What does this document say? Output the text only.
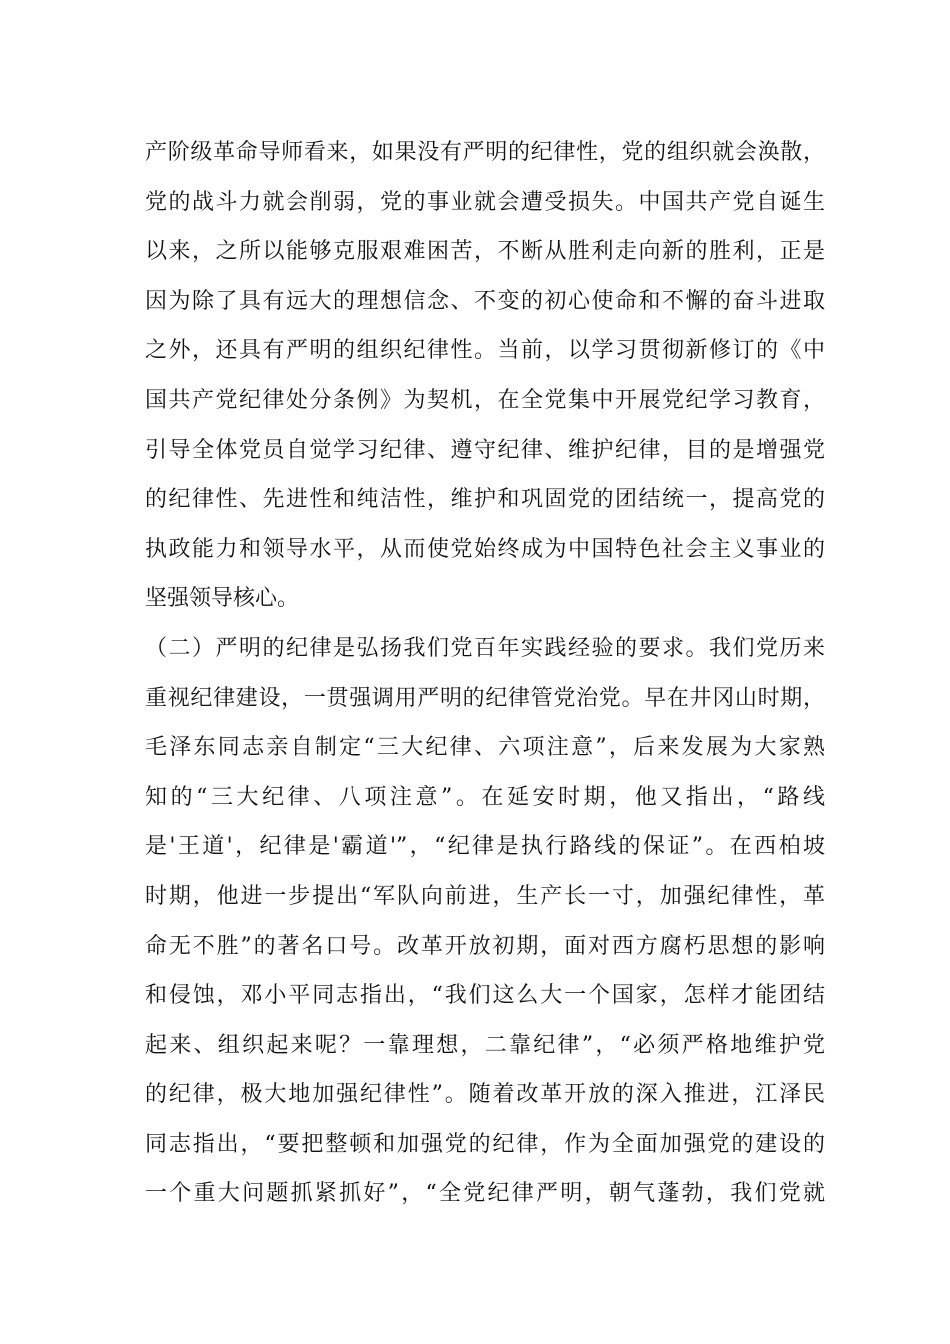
产阶级革命导师看来，如果没有严明的纪律性，党的组织就会涣散，
党的战斗力就会削弱，党的事业就会遭受损失。中国共产党自诞生
以来，之所以能够克服艰难困苦，不断从胜利走向新的胜利，正是
因为除了具有远大的理想信念、不变的初心使命和不懈的奋斗进取
之外，还具有严明的组织纪律性。当前，以学习贯彻新修订的《中
国共产党纪律处分条例》为契机，在全党集中开展党纪学习教育，
引导全体党员自觉学习纪律、遵守纪律、维护纪律，目的是增强党
的纪律性、先进性和纯洁性，维护和巩固党的团结统一，提高党的
执政能力和领导水平，从而使党始终成为中国特色社会主义事业的
坚强领导核心。
（二）严明的纪律是弘扬我们党百年实践经验的要求。我们党历来
重视纪律建设，一贯强调用严明的纪律管党治党。早在井冈山时期，
毛泽东同志亲自制定“三大纪律、六项注意”，后来发展为大家熟
知的“三大纪律、八项注意”。在延安时期，他又指出，“路线
是'王道'，纪律是'霸道'”，“纪律是执行路线的保证”。在西柏坡
时期，他进一步提出“军队向前进，生产长一寸，加强纪律性，革
命无不胜”的著名口号。改革开放初期，面对西方腐朽思想的影响
和侵蚀，邓小平同志指出，“我们这么大一个国家，怎样才能团结
起来、组织起来呢？一靠理想，二靠纪律”，“必须严格地维护党
的纪律，极大地加强纪律性”。随着改革开放的深入推进，江泽民
同志指出，“要把整顿和加强党的纪律，作为全面加强党的建设的
一个重大问题抓紧抓好”，“全党纪律严明，朝气蓬勃，我们党就
